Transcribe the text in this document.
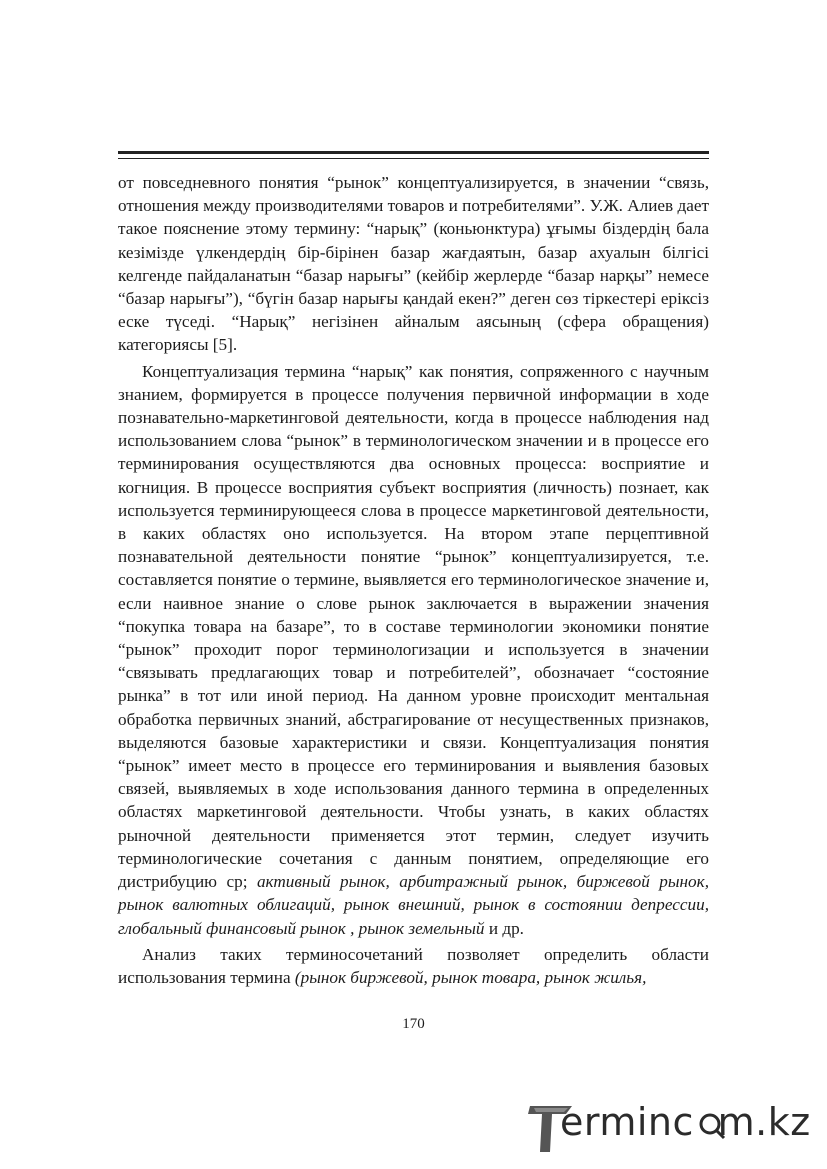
от повседневного понятия “рынок” концептуализируется, в значении “связь, отношения между производителями товаров и потребителями”. У.Ж. Алиев дает такое пояснение этому термину: “нарық” (коньюнктура) ұғымы біздердің бала кезімізде үлкендердің бір-бірінен базар жағдаятын, базар ахуалын білгісі келгенде пайдаланатын “базар нарығы” (кейбір жерлерде “базар нарқы” немесе “базар нарығы”), “бүгін базар нарығы қандай екен?” деген сөз тіркестері еріксіз еске түседі. “Нарық” негізінен айналым аясының (сфера обращения) категориясы [5].

Концептуализация термина “нарық” как понятия, сопряженного с научным знанием, формируется в процессе получения первичной информации в ходе познавательно-маркетинговой деятельности, когда в процессе наблюдения над использованием слова “рынок” в терминологическом значении и в процессе его терминирования осуществляются два основных процесса: восприятие и когниция. В процессе восприятия субъект восприятия (личность) познает, как используется терминирующееся слова в процессе маркетинговой деятельности, в каких областях оно используется. На втором этапе перцептивной познавательной деятельности понятие “рынок” концептуализируется, т.е. составляется понятие о термине, выявляется его терминологическое значение и, если наивное знание о слове рынок заключается в выражении значения “покупка товара на базаре”, то в составе терминологии экономики понятие “рынок” проходит порог терминологизации и используется в значении “связывать предлагающих товар и потребителей”, обозначает “состояние рынка” в тот или иной период. На данном уровне происходит ментальная обработка первичных знаний, абстрагирование от несущественных признаков, выделяются базовые характеристики и связи. Концептуализация понятия “рынок” имеет место в процессе его терминирования и выявления базовых связей, выявляемых в ходе использования данного термина в определенных областях маркетинговой деятельности. Чтобы узнать, в каких областях рыночной деятельности применяется этот термин, следует изучить терминологические сочетания с данным понятием, определяющие его дистрибуцию ср; активный рынок, арбитражный рынок, биржевой рынок, рынок валютных облигаций, рынок внешний, рынок в состоянии депрессии, глобальный финансовый рынок , рынок земельный и др.

Анализ таких терминосочетаний позволяет определить области использования термина (рынок биржевой, рынок товара, рынок жилья,

170
erminc m.kz
